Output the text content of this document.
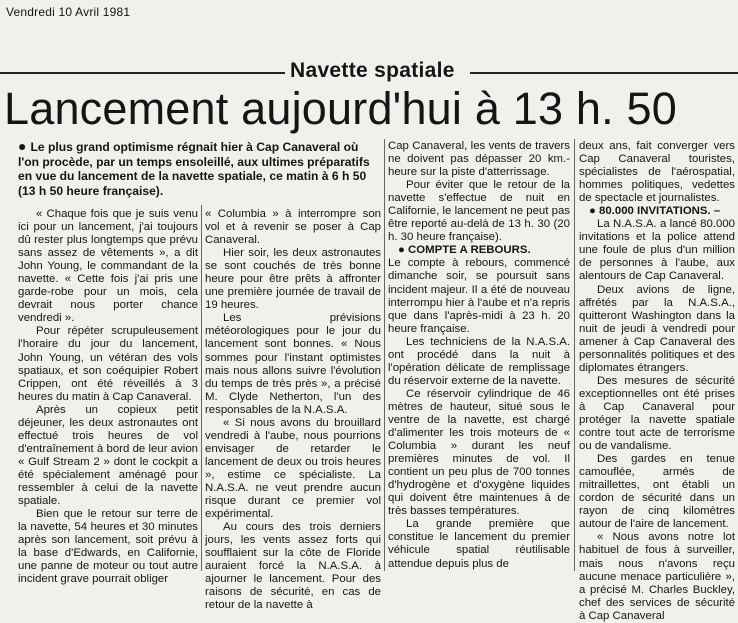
Vendredi 10 Avril 1981
Navette spatiale
Lancement aujourd'hui à 13 h. 50
● Le plus grand optimisme régnait hier à Cap Canaveral où l'on procède, par un temps ensoleillé, aux ultimes préparatifs en vue du lancement de la navette spatiale, ce matin à 6 h 50 (13 h 50 heure française).

« Chaque fois que je suis venu ici pour un lancement, j'ai toujours dû rester plus longtemps que prévu sans assez de vêtements », a dit John Young, le commandant de la navette. « Cette fois j'ai pris une garde-robe pour un mois, cela devrait nous porter chance vendredi ».

Pour répéter scrupuleusement l'horaire du jour du lancement, John Young, un vétéran des vols spatiaux, et son coéquipier Robert Crippen, ont été réveillés à 3 heures du matin à Cap Canaveral.

Après un copieux petit déjeuner, les deux astronautes ont effectué trois heures de vol d'entraînement à bord de leur avion « Gulf Stream 2 » dont le cockpit a été spécialement aménagé pour ressembler à celui de la navette spatiale.

Bien que le retour sur terre de la navette, 54 heures et 30 minutes après son lancement, soit prévu à la base d'Edwards, en Californie, une panne de moteur ou tout autre incident grave pourrait obliger

« Columbia » à interrompre son vol et à revenir se poser à Cap Canaveral.

Hier soir, les deux astronautes se sont couchés de très bonne heure pour être prêts à affronter une première journée de travail de 19 heures.

Les prévisions météorologiques pour le jour du lancement sont bonnes. « Nous sommes pour l'instant optimistes mais nous allons suivre l'évolution du temps de très près », a précisé M. Clyde Netherton, l'un des responsables de la N.A.S.A.

« Si nous avons du brouillard vendredi à l'aube, nous pourrions envisager de retarder le lancement de deux ou trois heures », estime ce spécialiste. La N.A.S.A. ne veut prendre aucun risque durant ce premier vol expérimental.

Au cours des trois derniers jours, les vents assez forts qui soufflaient sur la côte de Floride auraient forcé la N.A.S.A. à ajourner le lancement. Pour des raisons de sécurité, en cas de retour de la navette à

Cap Canaveral, les vents de travers ne doivent pas dépasser 20 km.-heure sur la piste d'atterrissage.

Pour éviter que le retour de la navette s'effectue de nuit en Californie, le lancement ne peut pas être reporté au-delà de 13 h. 30 (20 h. 30 heure française).

● COMPTE A REBOURS.

Le compte à rebours, commencé dimanche soir, se poursuit sans incident majeur. Il a été de nouveau interrompu hier à l'aube et n'a repris que dans l'après-midi à 23 h. 20 heure française.

Les techniciens de la N.A.S.A. ont procédé dans la nuit à l'opération délicate de remplissage du réservoir externe de la navette.

Ce réservoir cylindrique de 46 mètres de hauteur, situé sous le ventre de la navette, est chargé d'alimenter les trois moteurs de « Columbia » durant les neuf premières minutes de vol. Il contient un peu plus de 700 tonnes d'hydrogène et d'oxygène liquides qui doivent être maintenues à de très basses températures.

La grande première que constitue le lancement du premier véhicule spatial réutilisable attendue depuis plus de

deux ans, fait converger vers Cap Canaveral touristes, spécialistes de l'aérospatial, hommes politiques, vedettes de spectacle et journalistes.

● 80.000 INVITATIONS. –

La N.A.S.A. a lancé 80.000 invitations et la police attend une foule de plus d'un million de personnes à l'aube, aux alentours de Cap Canaveral.

Deux avions de ligne, affrétés par la N.A.S.A., quitteront Washington dans la nuit de jeudi à vendredi pour amener à Cap Canaveral des personnalités politiques et des diplomates étrangers.

Des mesures de sécurité exceptionnelles ont été prises à Cap Canaveral pour protéger la navette spatiale contre tout acte de terrorisme ou de vandalisme.

Des gardes en tenue camouflée, armés de mitraillettes, ont établi un cordon de sécurité dans un rayon de cinq kilomètres autour de l'aire de lancement.

« Nous avons notre lot habituel de fous à surveiller, mais nous n'avons reçu aucune menace particulière », a précisé M. Charles Buckley, chef des services de sécurité à Cap Canaveral
